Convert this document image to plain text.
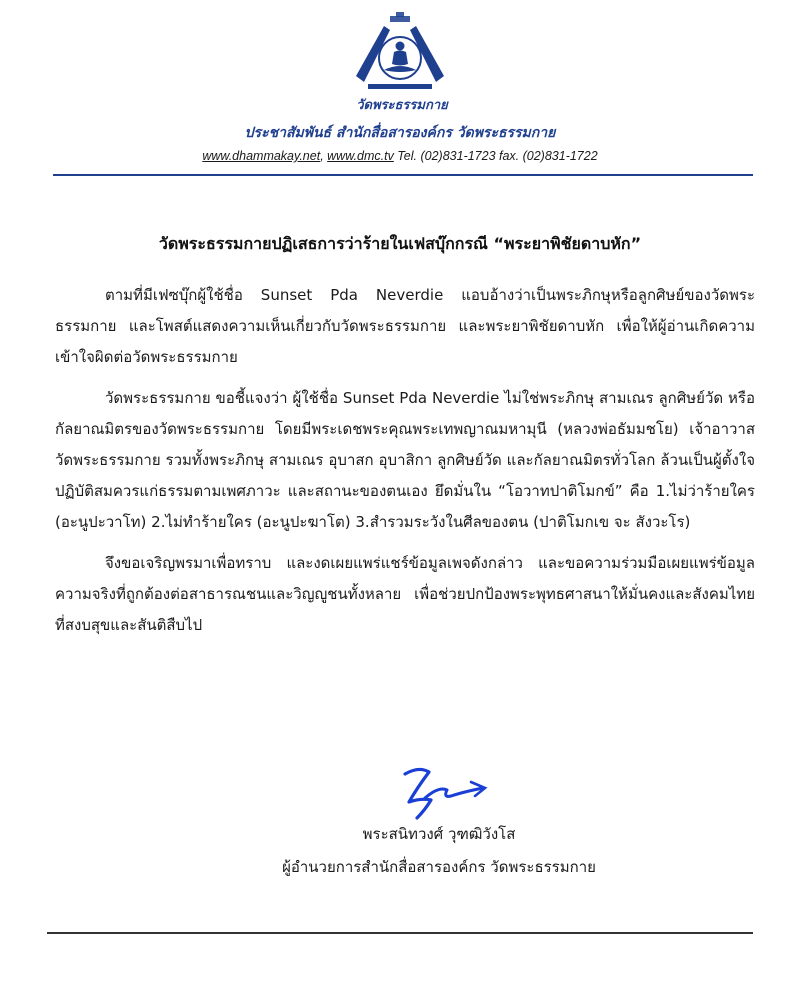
วัดพระธรรมกาย
ประชาสัมพันธ์ สำนักสื่อสารองค์กร วัดพระธรรมกาย
www.dhammakay.net, www.dmc.tv Tel. (02)831-1723 fax. (02)831-1722
วัดพระธรรมกายปฏิเสธการว่าร้ายในเฟสบุ๊กกรณี “พระยาพิชัยดาบหัก”

ตามที่มีเฟซบุ๊กผู้ใช้ชื่อ Sunset Pda Neverdie แอบอ้างว่าเป็นพระภิกษุหรือลูกศิษย์ของวัดพระธรรมกาย และโพสต์แสดงความเห็นเกี่ยวกับวัดพระธรรมกาย และพระยาพิชัยดาบหัก เพื่อให้ผู้อ่านเกิดความเข้าใจผิดต่อวัดพระธรรมกาย

วัดพระธรรมกาย ขอชี้แจงว่า ผู้ใช้ชื่อ Sunset Pda Neverdie ไม่ใช่พระภิกษุ สามเณร ลูกศิษย์วัด หรือกัลยาณมิตรของวัดพระธรรมกาย โดยมีพระเดชพระคุณพระเทพญาณมหามุนี (หลวงพ่อธัมมชโย) เจ้าอาวาสวัดพระธรรมกาย รวมทั้งพระภิกษุ สามเณร อุบาสก อุบาสิกา ลูกศิษย์วัด และกัลยาณมิตรทั่วโลก ล้วนเป็นผู้ตั้งใจปฏิบัติสมควรแก่ธรรมตามเพศภาวะ และสถานะของตนเอง ยึดมั่นใน “โอวาทปาติโมกข์” คือ 1.ไม่ว่าร้ายใคร (อะนูปะวาโท) 2.ไม่ทำร้ายใคร (อะนูปะฆาโต) 3.สำรวมระวังในศีลของตน (ปาติโมกเข จะ สังวะโร)

จึงขอเจริญพรมาเพื่อทราบ และงดเผยแพร่แชร์ข้อมูลเพจดังกล่าว และขอความร่วมมือเผยแพร่ข้อมูลความจริงที่ถูกต้องต่อสาธารณชนและวิญญูชนทั้งหลาย เพื่อช่วยปกป้องพระพุทธศาสนาให้มั่นคงและสังคมไทยที่สงบสุขและสันติสืบไป

พระสนิทวงศ์ วุฑฒิวังโส
ผู้อำนวยการสำนักสื่อสารองค์กร วัดพระธรรมกาย
